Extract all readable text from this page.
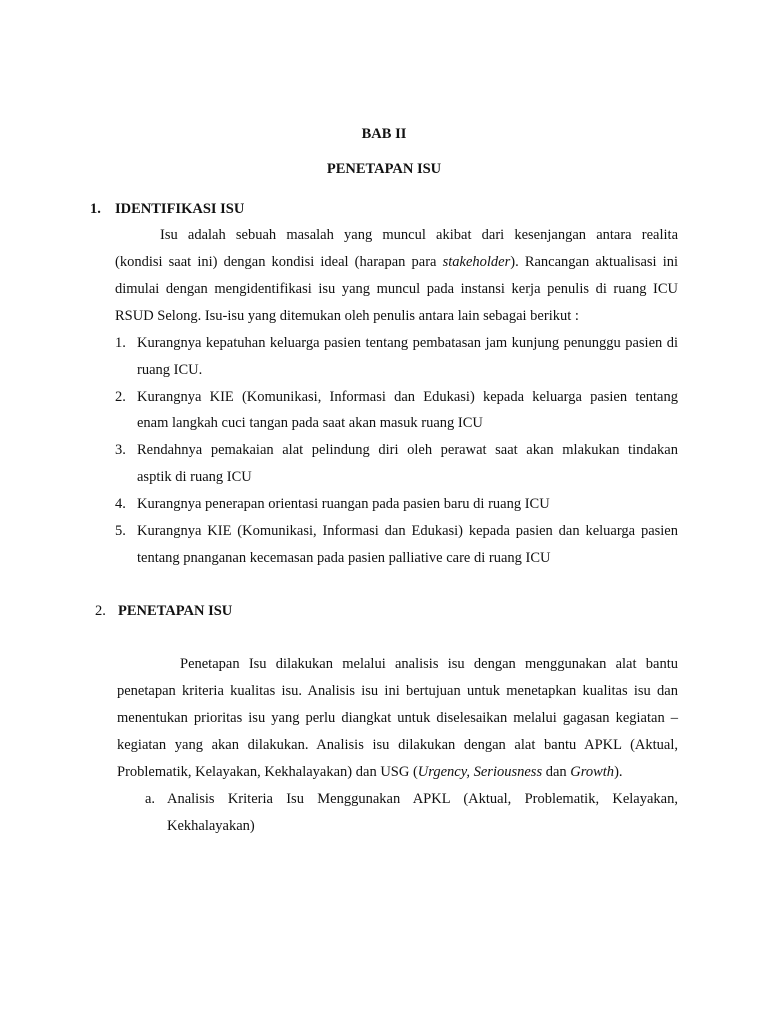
BAB II
PENETAPAN ISU
1. IDENTIFIKASI ISU
Isu adalah sebuah masalah yang muncul akibat dari kesenjangan antara realita
(kondisi saat ini) dengan kondisi ideal (harapan para stakeholder). Rancangan aktualisasi ini
dimulai dengan mengidentifikasi isu yang muncul pada instansi kerja penulis di ruang ICU
RSUD Selong. Isu-isu yang ditemukan oleh penulis antara lain sebagai berikut :
1. Kurangnya kepatuhan keluarga pasien tentang pembatasan jam kunjung penunggu pasien di
ruang ICU.
2. Kurangnya KIE (Komunikasi, Informasi dan Edukasi) kepada keluarga pasien tentang
enam langkah cuci tangan pada saat akan masuk ruang ICU
3. Rendahnya pemakaian alat pelindung diri oleh perawat saat akan mlakukan tindakan
asptik di ruang ICU
4. Kurangnya penerapan orientasi ruangan pada pasien baru di ruang ICU
5. Kurangnya KIE (Komunikasi, Informasi dan Edukasi) kepada pasien dan keluarga pasien
tentang pnanganan kecemasan pada pasien palliative care di ruang ICU
2. PENETAPAN ISU
Penetapan Isu dilakukan melalui analisis isu dengan menggunakan alat bantu
penetapan kriteria kualitas isu. Analisis isu ini bertujuan untuk menetapkan kualitas isu dan
menentukan prioritas isu yang perlu diangkat untuk diselesaikan melalui gagasan kegiatan –
kegiatan yang akan dilakukan. Analisis isu dilakukan dengan alat bantu APKL (Aktual,
Problematik, Kelayakan, Kekhalayakan) dan USG (Urgency, Seriousness dan Growth).
a. Analisis Kriteria Isu Menggunakan APKL (Aktual, Problematik, Kelayakan,
Kekhalayakan)
